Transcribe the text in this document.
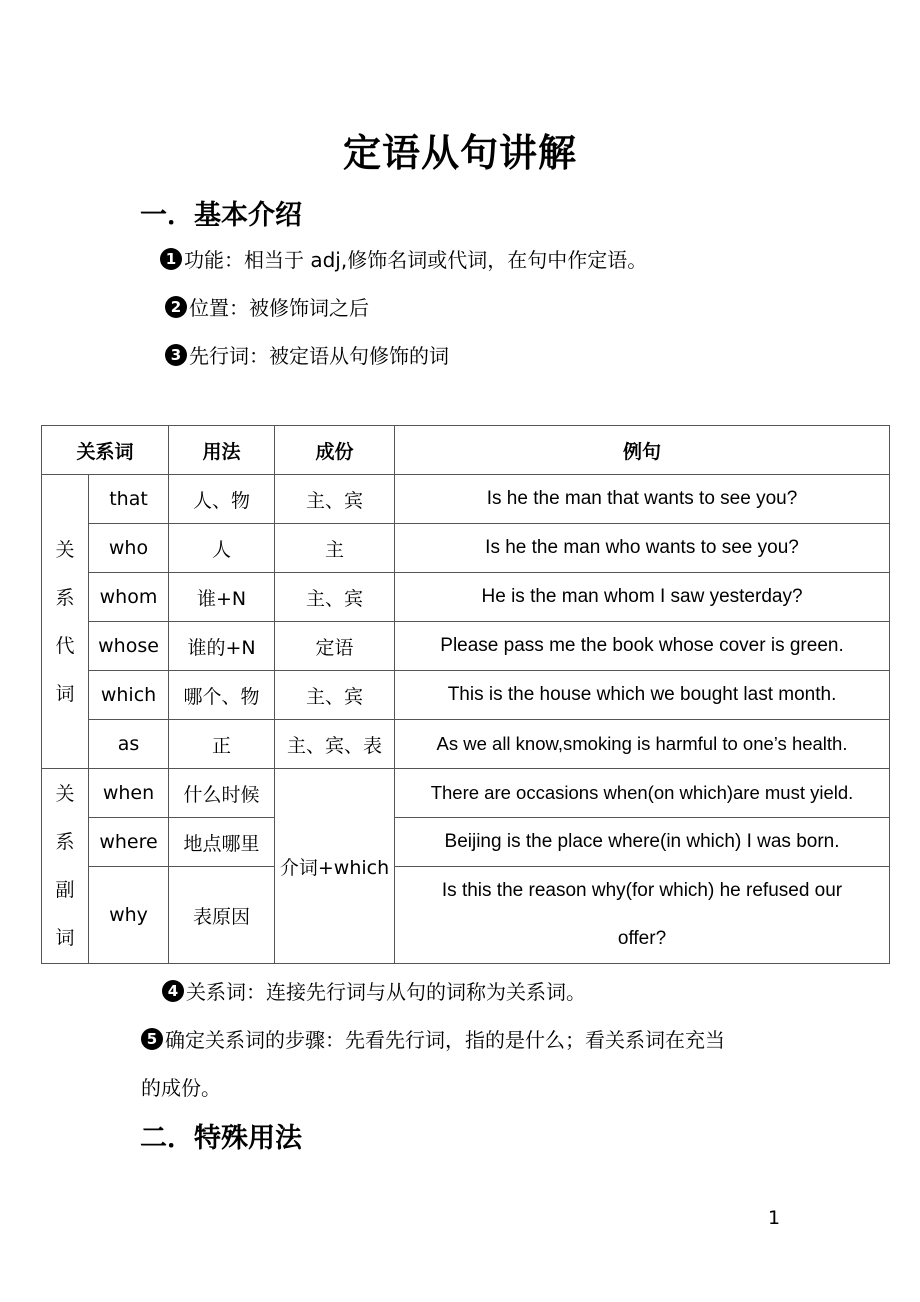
定语从句讲解
一．基本介绍
1 功能：相当于 adj,修饰名词或代词，在句中作定语。
2 位置：被修饰词之后
3 先行词：被定语从句修饰的词
关系词		用法	成份	例句

关
系
代
词	that	人、物	主、宾	Is he the man that wants to see you?
	who	人	主	Is he the man who wants to see you?
	whom	谁+N	主、宾	He is the man whom I saw yesterday?
	whose	谁的+N	定语	Please pass me the book whose cover is green.
	which	哪个、物	主、宾	This is the house which we bought last month.
	as	正	主、宾、表	As we all know,smoking is harmful to one’s health.

关
系
副
词	when	什么时候	介词+which	There are occasions when(on which)are must yield.
	where	地点哪里		Beijing is the place where(in which) I was born.
	why	表原因		Is this the reason why(for which) he refused our
offer?

4 关系词：连接先行词与从句的词称为关系词。
5 确定关系词的步骤：先看先行词，指的是什么；看关系词在充当
的成份。
二．特殊用法
1
